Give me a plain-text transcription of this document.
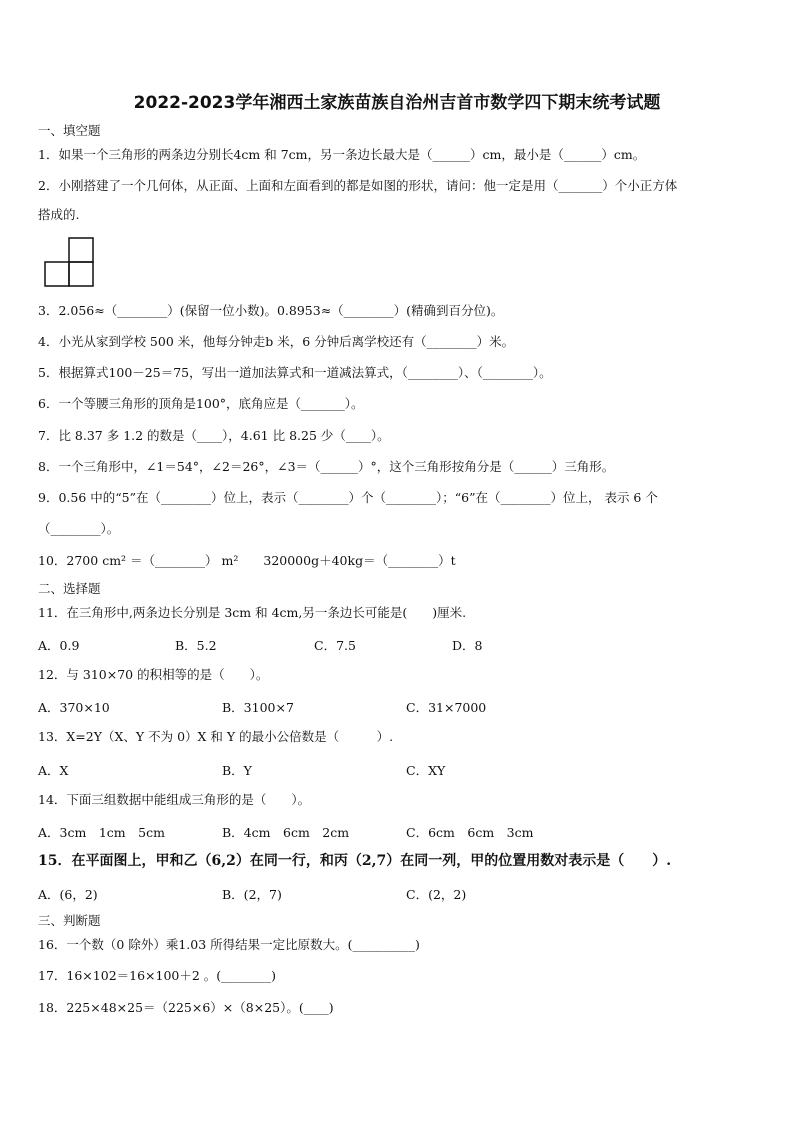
2022-2023学年湘西土家族苗族自治州吉首市数学四下期末统考试题
一、填空题
1．如果一个三角形的两条边分别长4cm 和 7cm，另一条边长最大是（______）cm，最小是（______）cm。
2．小刚搭建了一个几何体，从正面、上面和左面看到的都是如图的形状，请问：他一定是用（_______）个小正方体
搭成的.
3．2.056≈（________）(保留一位小数)。0.8953≈（________）(精确到百分位)。
4．小光从家到学校 500 米，他每分钟走b 米，6 分钟后离学校还有（________）米。
5．根据算式100－25＝75，写出一道加法算式和一道减法算式，（________）、（________）。
6．一个等腰三角形的顶角是100°，底角应是（_______）。
7．比 8.37 多 1.2 的数是（____），4.61 比 8.25 少（____）。
8．一个三角形中，∠1＝54°，∠2＝26°，∠3＝（______）°，这个三角形按角分是（______）三角形。
9．0.56 中的“5”在（________）位上，表示（________）个（________）；“6”在（________）位上， 表示 6 个
（________）。
10．2700 cm² ＝（________） m²　　320000g＋40kg＝（________）t
二、选择题
11．在三角形中,两条边长分别是 3cm 和 4cm,另一条边长可能是(　　)厘米.
A．0.9	B．5.2	C．7.5	D．8
12．与 310×70 的积相等的是（　　）。
A．370×10	B．3100×7	C．31×7000
13．X=2Y（X、Y 不为 0）X 和 Y 的最小公倍数是（　　　）.
A．X	B．Y	C．XY
14．下面三组数据中能组成三角形的是（　　）。
A．3cm　1cm　5cm	B．4cm　6cm　2cm	C．6cm　6cm　3cm
15．在平面图上，甲和乙（6,2）在同一行，和丙（2,7）在同一列，甲的位置用数对表示是（　　）.
A．(6，2)	B．(2，7)	C．(2，2)
三、判断题
16．一个数（0 除外）乘1.03 所得结果一定比原数大。(__________)
17．16×102＝16×100＋2 。(________)
18．225×48×25＝（225×6）×（8×25）。(____)
